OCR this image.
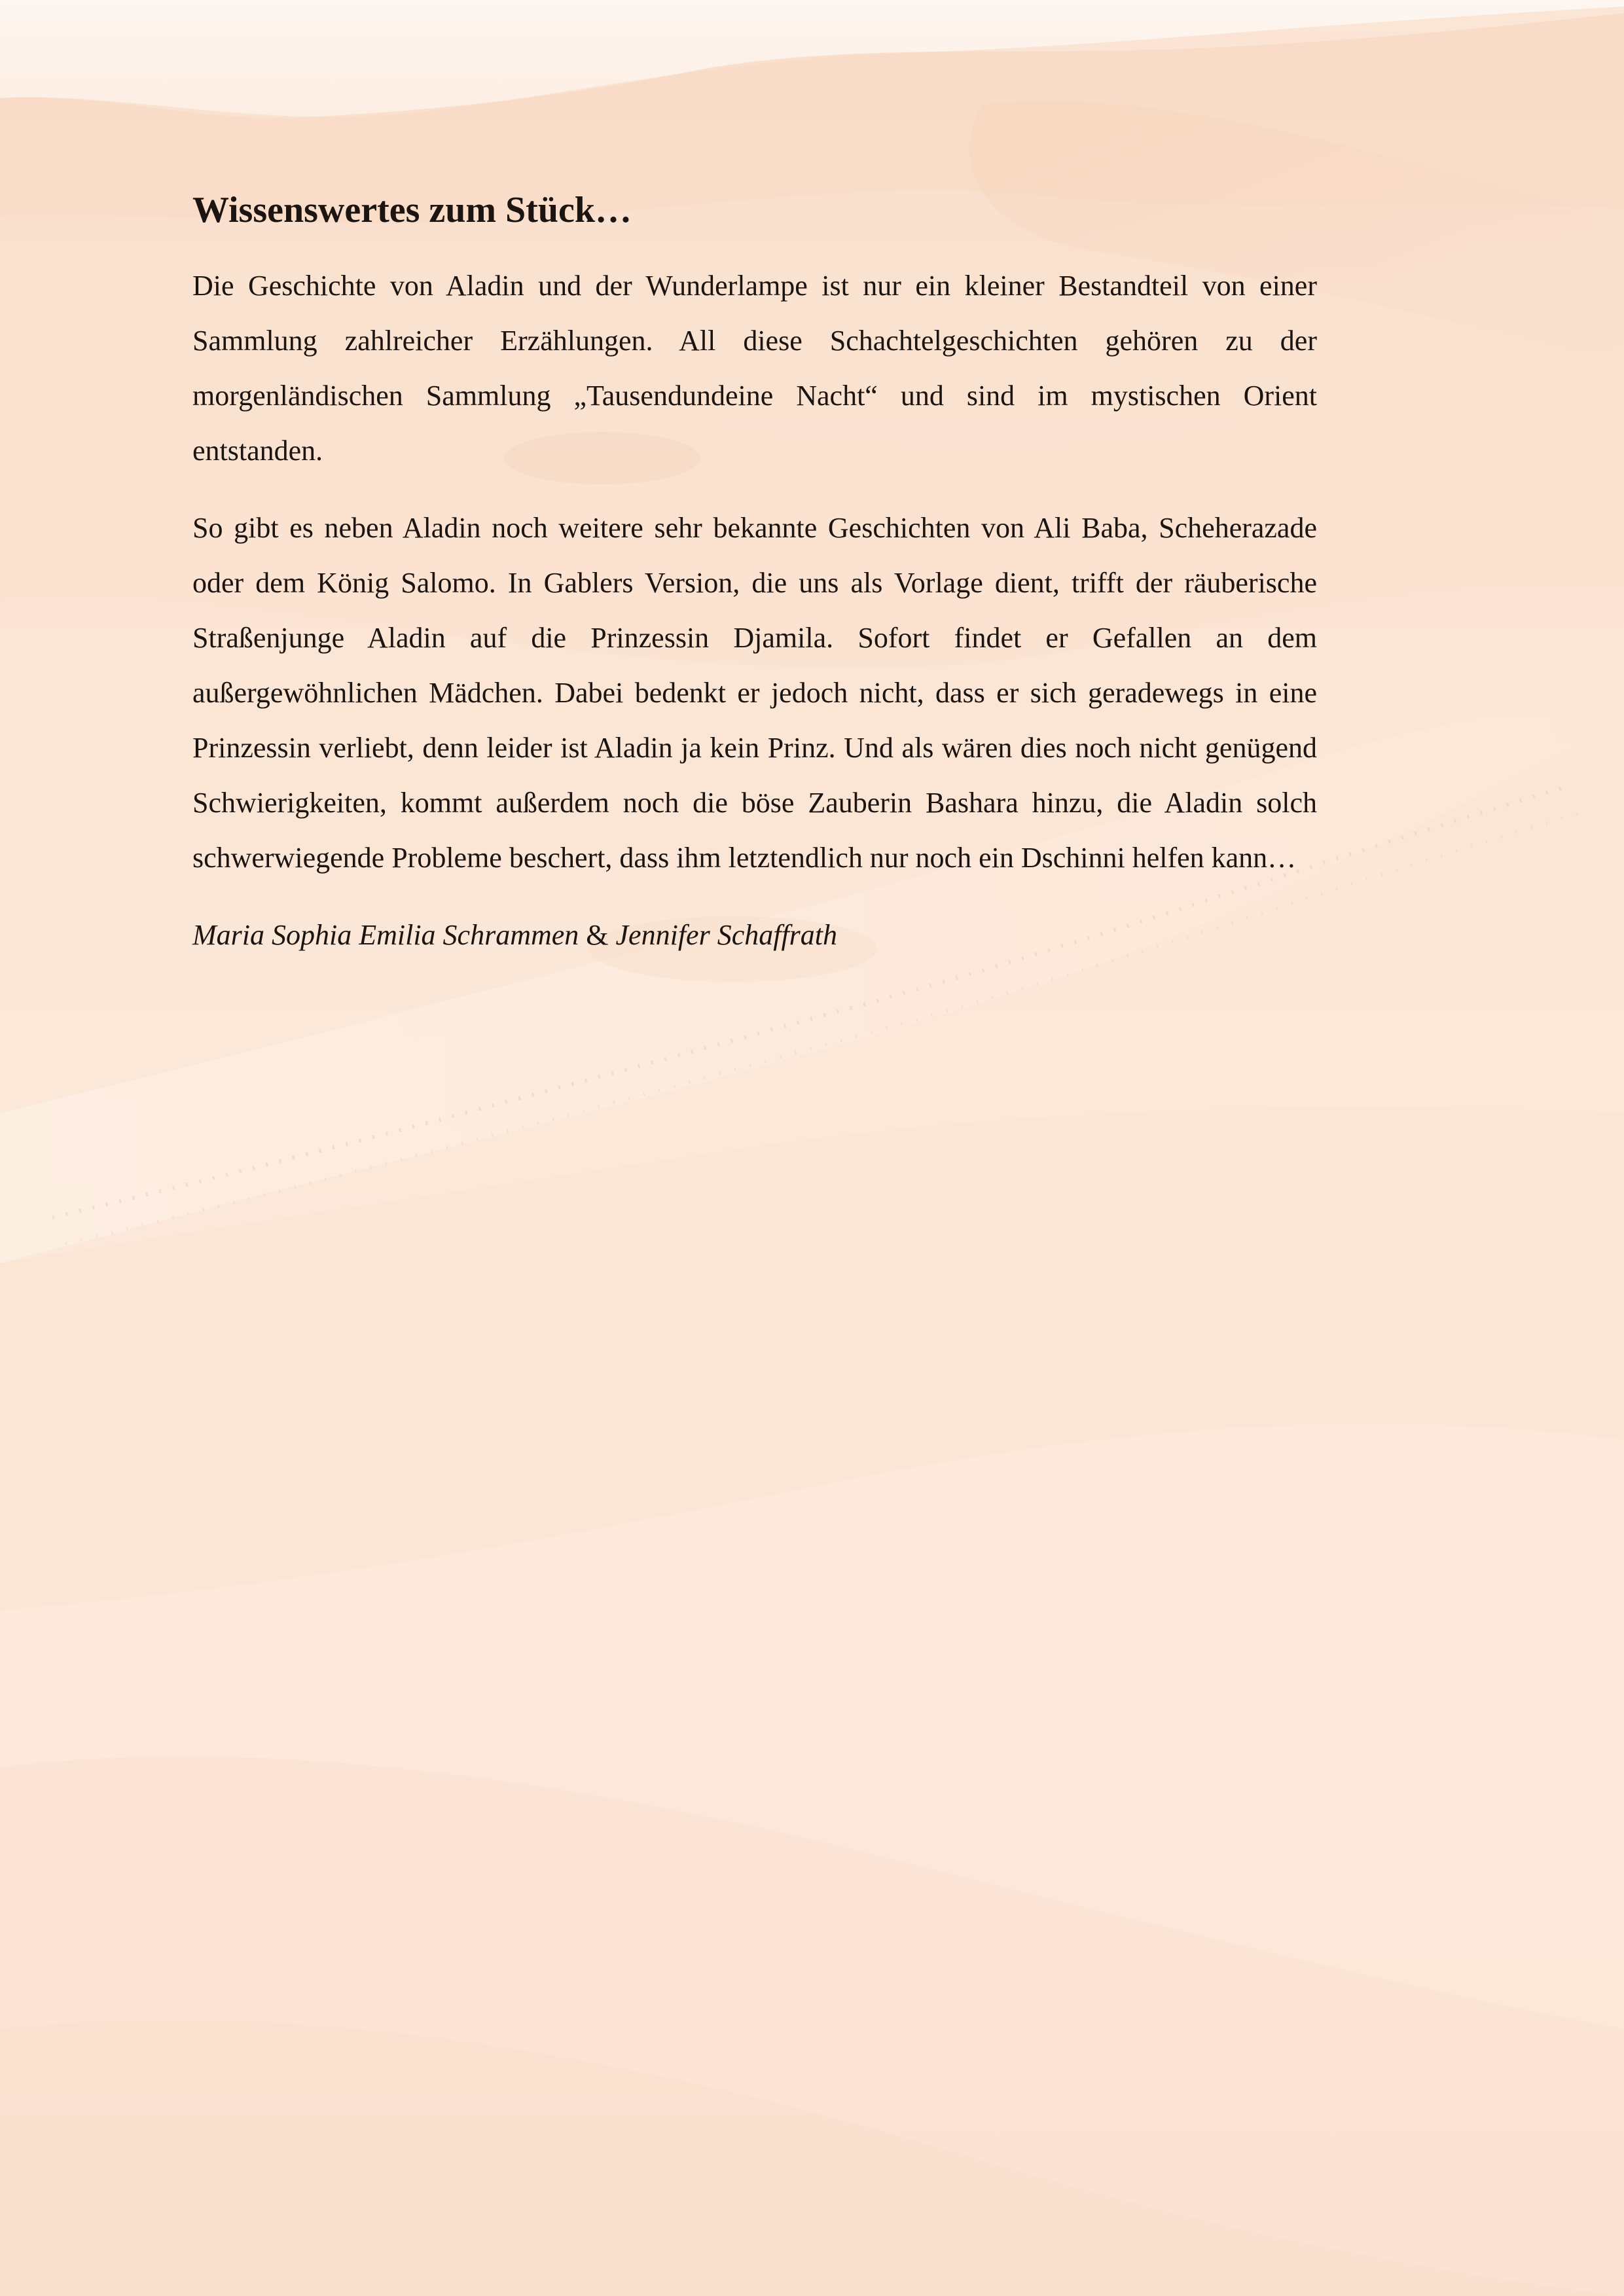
Wissenswertes zum Stück…

Die Geschichte von Aladin und der Wunderlampe ist nur ein kleiner Bestandteil von einer Sammlung zahlreicher Erzählungen. All diese Schachtelgeschichten gehören zu der morgenländischen Sammlung „Tausendundeine Nacht“ und sind im mystischen Orient entstanden.

So gibt es neben Aladin noch weitere sehr bekannte Geschichten von Ali Baba, Scheherazade oder dem König Salomo. In Gablers Version, die uns als Vorlage dient, trifft der räuberische Straßenjunge Aladin auf die Prinzessin Djamila. Sofort findet er Gefallen an dem außergewöhnlichen Mädchen. Dabei bedenkt er jedoch nicht, dass er sich geradewegs in eine Prinzessin verliebt, denn leider ist Aladin ja kein Prinz. Und als wären dies noch nicht genügend Schwierigkeiten, kommt außerdem noch die böse Zauberin Bashara hinzu, die Aladin solch schwerwiegende Probleme beschert, dass ihm letztendlich nur noch ein Dschinni helfen kann…

Maria Sophia Emilia Schrammen & Jennifer Schaffrath
